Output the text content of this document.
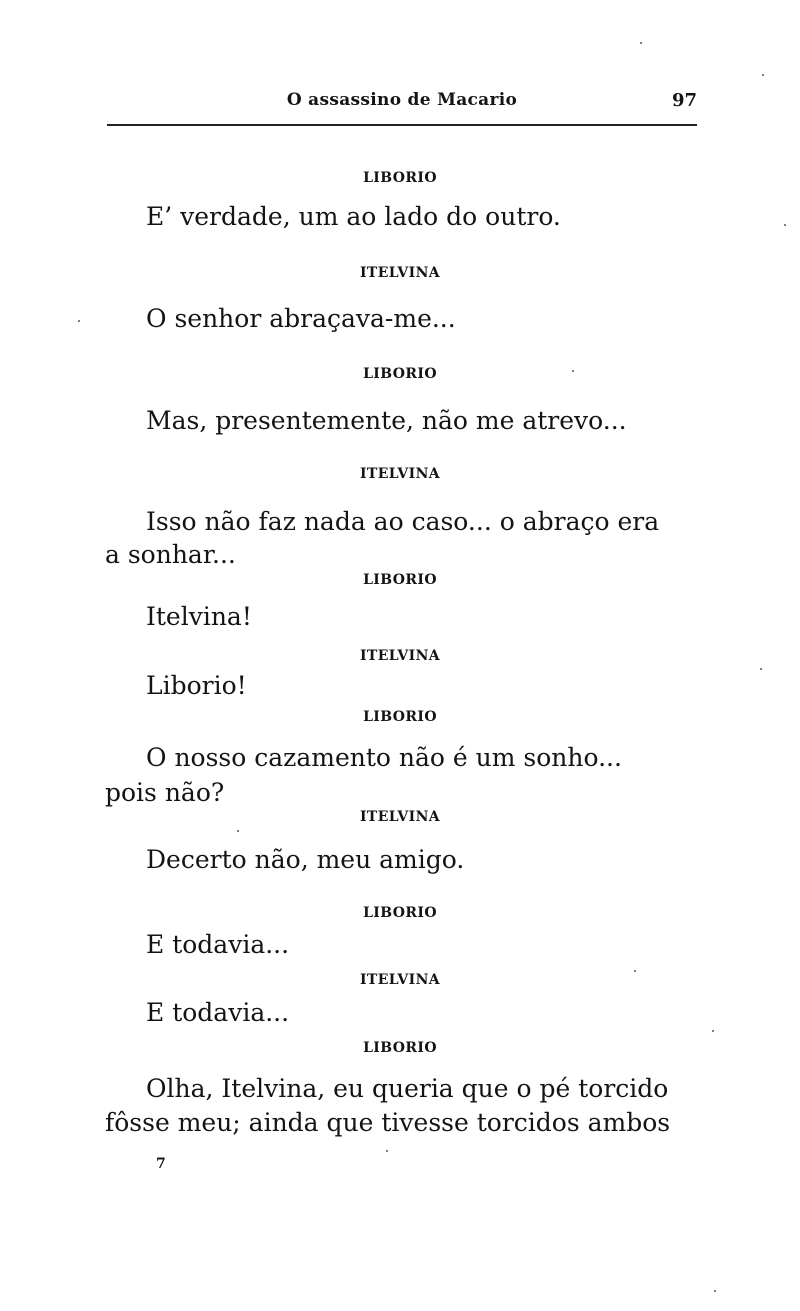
O assassino de Macario	97
LIBORIO
E’ verdade, um ao lado do outro.
ITELVINA
O senhor abraçava-me...
LIBORIO
Mas, presentemente, não me atrevo...
ITELVINA
Isso não faz nada ao caso... o abraço era
a sonhar...
LIBORIO
Itelvina!
ITELVINA
Liborio!
LIBORIO
O nosso cazamento não é um sonho...
pois não?
ITELVINA
Decerto não, meu amigo.
LIBORIO
E todavia...
ITELVINA
E todavia...
LIBORIO
Olha, Itelvina, eu queria que o pé torcido
fôsse meu; ainda que tivesse torcidos ambos
7
